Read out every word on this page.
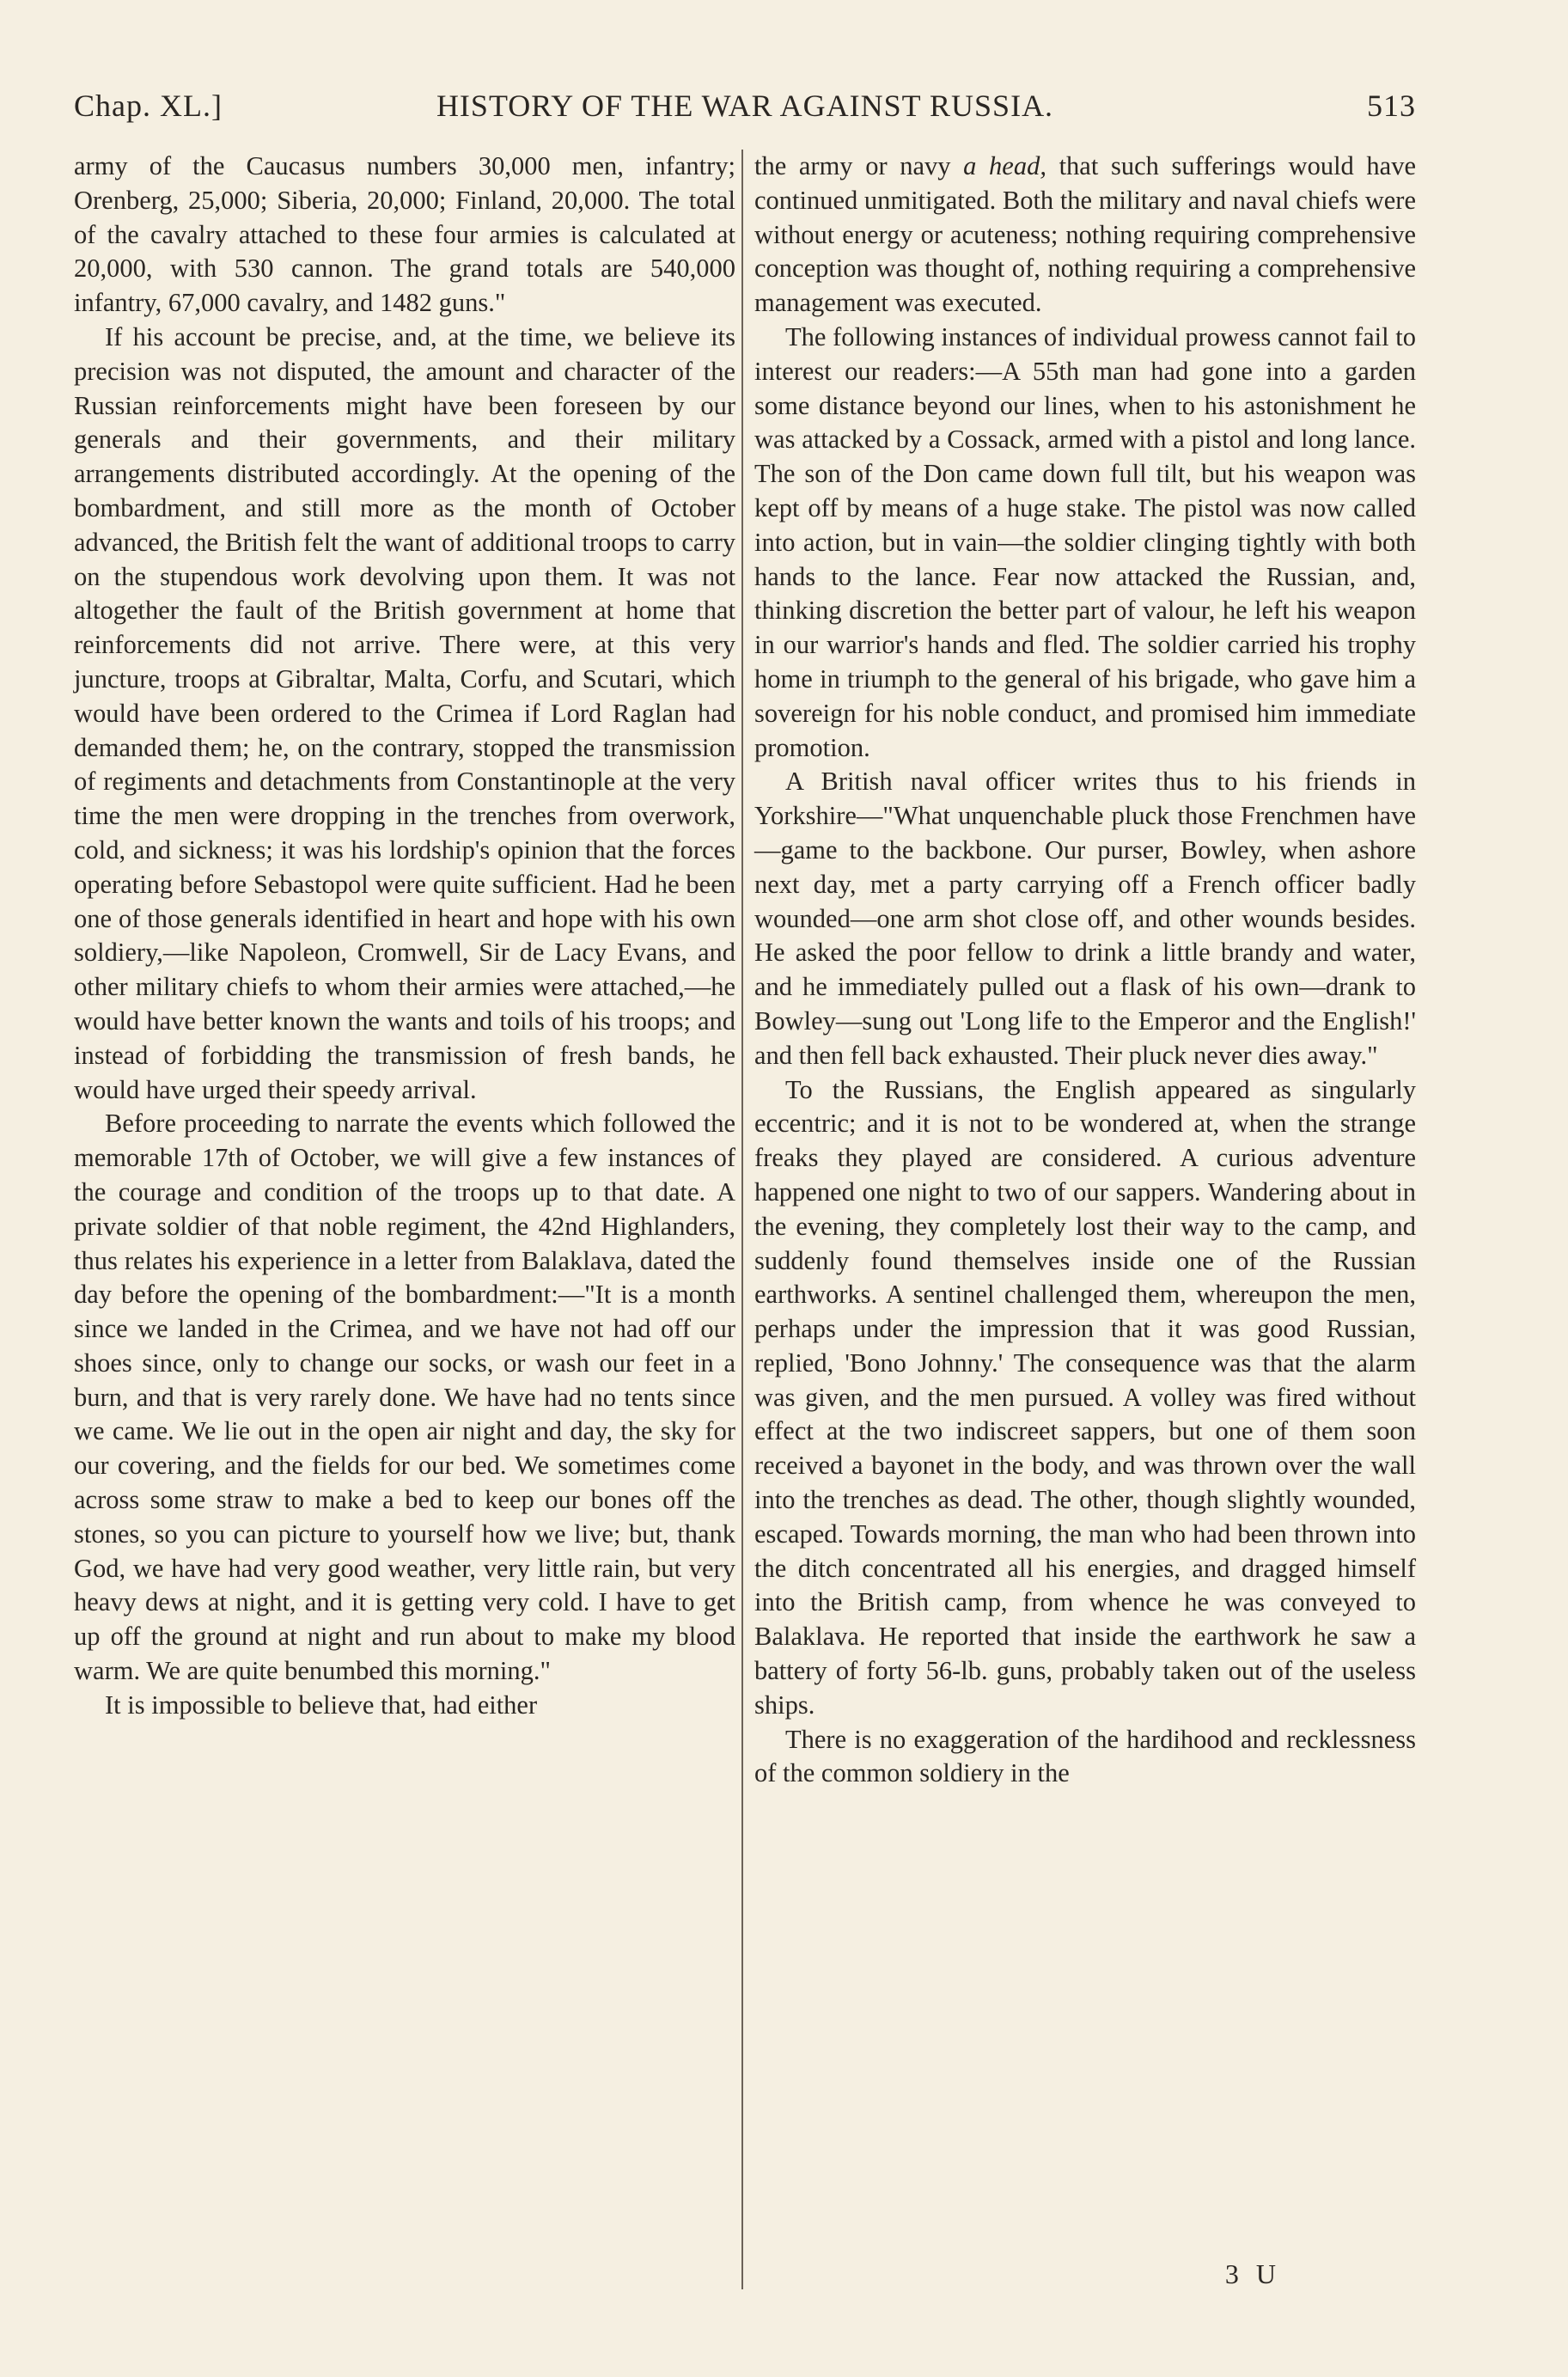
Chap. XL.]	HISTORY OF THE WAR AGAINST RUSSIA.	513

army of the Caucasus numbers 30,000 men, infantry; Orenberg, 25,000; Siberia, 20,000; Finland, 20,000. The total of the cavalry attached to these four armies is calculated at 20,000, with 530 cannon. The grand totals are 540,000 infantry, 67,000 cavalry, and 1482 guns."

If his account be precise, and, at the time, we believe its precision was not disputed, the amount and character of the Russian reinforcements might have been foreseen by our generals and their governments, and their military arrangements distributed accordingly. At the opening of the bombardment, and still more as the month of October advanced, the British felt the want of additional troops to carry on the stupendous work devolving upon them. It was not altogether the fault of the British government at home that reinforcements did not arrive. There were, at this very juncture, troops at Gibraltar, Malta, Corfu, and Scutari, which would have been ordered to the Crimea if Lord Raglan had demanded them; he, on the contrary, stopped the transmission of regiments and detachments from Constantinople at the very time the men were dropping in the trenches from overwork, cold, and sickness; it was his lordship's opinion that the forces operating before Sebastopol were quite sufficient. Had he been one of those generals identified in heart and hope with his own soldiery,—like Napoleon, Cromwell, Sir de Lacy Evans, and other military chiefs to whom their armies were attached,—he would have better known the wants and toils of his troops; and instead of forbidding the transmission of fresh bands, he would have urged their speedy arrival.

Before proceeding to narrate the events which followed the memorable 17th of October, we will give a few instances of the courage and condition of the troops up to that date. A private soldier of that noble regiment, the 42nd Highlanders, thus relates his experience in a letter from Balaklava, dated the day before the opening of the bombardment:—"It is a month since we landed in the Crimea, and we have not had off our shoes since, only to change our socks, or wash our feet in a burn, and that is very rarely done. We have had no tents since we came. We lie out in the open air night and day, the sky for our covering, and the fields for our bed. We sometimes come across some straw to make a bed to keep our bones off the stones, so you can picture to yourself how we live; but, thank God, we have had very good weather, very little rain, but very heavy dews at night, and it is getting very cold. I have to get up off the ground at night and run about to make my blood warm. We are quite benumbed this morning."

It is impossible to believe that, had either

the army or navy a head, that such sufferings would have continued unmitigated. Both the military and naval chiefs were without energy or acuteness; nothing requiring comprehensive conception was thought of, nothing requiring a comprehensive management was executed.

The following instances of individual prowess cannot fail to interest our readers:—A 55th man had gone into a garden some distance beyond our lines, when to his astonishment he was attacked by a Cossack, armed with a pistol and long lance. The son of the Don came down full tilt, but his weapon was kept off by means of a huge stake. The pistol was now called into action, but in vain—the soldier clinging tightly with both hands to the lance. Fear now attacked the Russian, and, thinking discretion the better part of valour, he left his weapon in our warrior's hands and fled. The soldier carried his trophy home in triumph to the general of his brigade, who gave him a sovereign for his noble conduct, and promised him immediate promotion.

A British naval officer writes thus to his friends in Yorkshire—"What unquenchable pluck those Frenchmen have—game to the backbone. Our purser, Bowley, when ashore next day, met a party carrying off a French officer badly wounded—one arm shot close off, and other wounds besides. He asked the poor fellow to drink a little brandy and water, and he immediately pulled out a flask of his own—drank to Bowley—sung out 'Long life to the Emperor and the English!' and then fell back exhausted. Their pluck never dies away."

To the Russians, the English appeared as singularly eccentric; and it is not to be wondered at, when the strange freaks they played are considered. A curious adventure happened one night to two of our sappers. Wandering about in the evening, they completely lost their way to the camp, and suddenly found themselves inside one of the Russian earthworks. A sentinel challenged them, whereupon the men, perhaps under the impression that it was good Russian, replied, 'Bono Johnny.' The consequence was that the alarm was given, and the men pursued. A volley was fired without effect at the two indiscreet sappers, but one of them soon received a bayonet in the body, and was thrown over the wall into the trenches as dead. The other, though slightly wounded, escaped. Towards morning, the man who had been thrown into the ditch concentrated all his energies, and dragged himself into the British camp, from whence he was conveyed to Balaklava. He reported that inside the earthwork he saw a battery of forty 56-lb. guns, probably taken out of the useless ships.

There is no exaggeration of the hardihood and recklessness of the common soldiery in the

3 U
